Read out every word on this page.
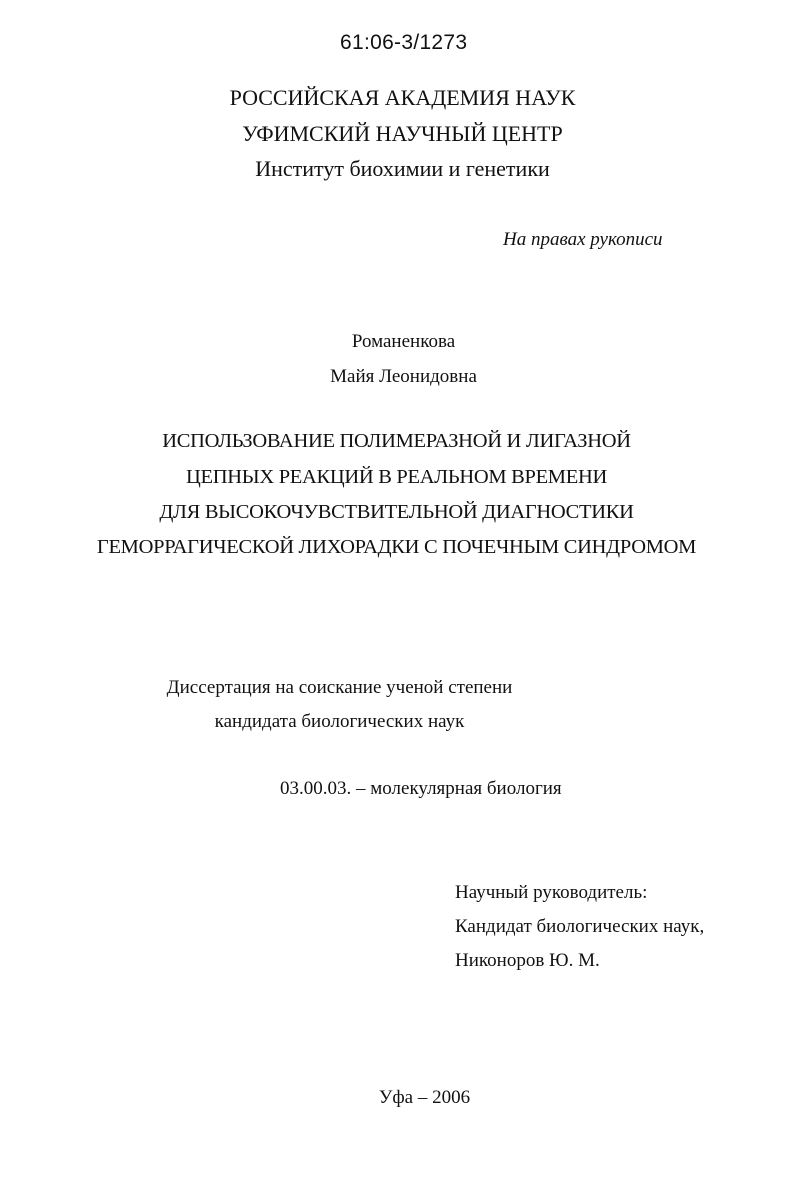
61:06-3/1273
РОССИЙСКАЯ АКАДЕМИЯ НАУК
УФИМСКИЙ НАУЧНЫЙ ЦЕНТР
Институт биохимии и генетики
На правах рукописи
Романенкова
Майя Леонидовна
ИСПОЛЬЗОВАНИЕ ПОЛИМЕРАЗНОЙ И ЛИГАЗНОЙ
ЦЕПНЫХ РЕАКЦИЙ В РЕАЛЬНОМ ВРЕМЕНИ
ДЛЯ ВЫСОКОЧУВСТВИТЕЛЬНОЙ ДИАГНОСТИКИ
ГЕМОРРАГИЧЕСКОЙ ЛИХОРАДКИ С ПОЧЕЧНЫМ СИНДРОМОМ
Диссертация на соискание ученой степени
кандидата биологических наук
03.00.03. – молекулярная биология
Научный руководитель:
Кандидат биологических наук,
Никоноров Ю. М.
Уфа – 2006
